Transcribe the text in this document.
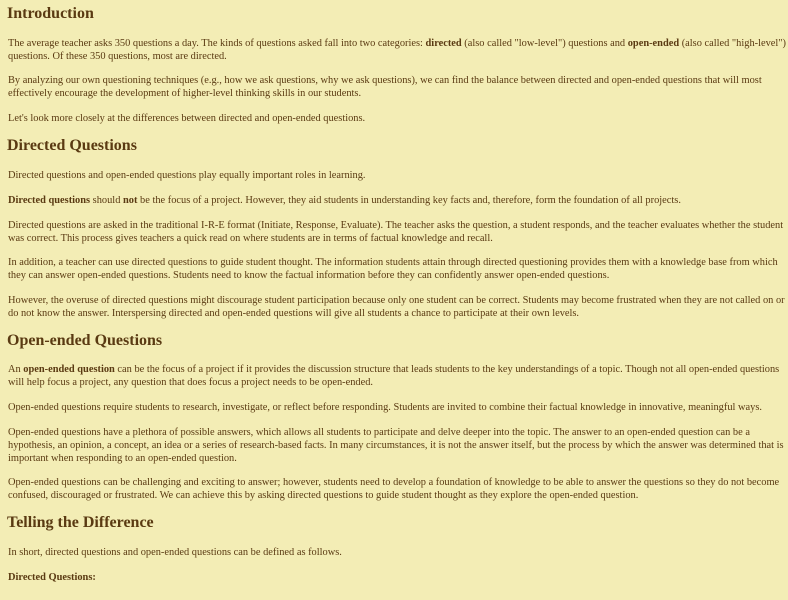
Introduction

The average teacher asks 350 questions a day. The kinds of questions asked fall into two categories: directed (also called "low-level") questions and open-ended (also called "high-level") questions. Of these 350 questions, most are directed.

By analyzing our own questioning techniques (e.g., how we ask questions, why we ask questions), we can find the balance between directed and open-ended questions that will most effectively encourage the development of higher-level thinking skills in our students.

Let's look more closely at the differences between directed and open-ended questions.

Directed Questions

Directed questions and open-ended questions play equally important roles in learning.

Directed questions should not be the focus of a project. However, they aid students in understanding key facts and, therefore, form the foundation of all projects.

Directed questions are asked in the traditional I-R-E format (Initiate, Response, Evaluate). The teacher asks the question, a student responds, and the teacher evaluates whether the student was correct. This process gives teachers a quick read on where students are in terms of factual knowledge and recall.

In addition, a teacher can use directed questions to guide student thought. The information students attain through directed questioning provides them with a knowledge base from which they can answer open-ended questions. Students need to know the factual information before they can confidently answer open-ended questions.

However, the overuse of directed questions might discourage student participation because only one student can be correct. Students may become frustrated when they are not called on or do not know the answer. Interspersing directed and open-ended questions will give all students a chance to participate at their own levels.

Open-ended Questions

An open-ended question can be the focus of a project if it provides the discussion structure that leads students to the key understandings of a topic. Though not all open-ended questions will help focus a project, any question that does focus a project needs to be open-ended.

Open-ended questions require students to research, investigate, or reflect before responding. Students are invited to combine their factual knowledge in innovative, meaningful ways.

Open-ended questions have a plethora of possible answers, which allows all students to participate and delve deeper into the topic. The answer to an open-ended question can be a hypothesis, an opinion, a concept, an idea or a series of research-based facts. In many circumstances, it is not the answer itself, but the process by which the answer was determined that is important when responding to an open-ended question.

Open-ended questions can be challenging and exciting to answer; however, students need to develop a foundation of knowledge to be able to answer the questions so they do not become confused, discouraged or frustrated. We can achieve this by asking directed questions to guide student thought as they explore the open-ended question.

Telling the Difference

In short, directed questions and open-ended questions can be defined as follows.

Directed Questions:
